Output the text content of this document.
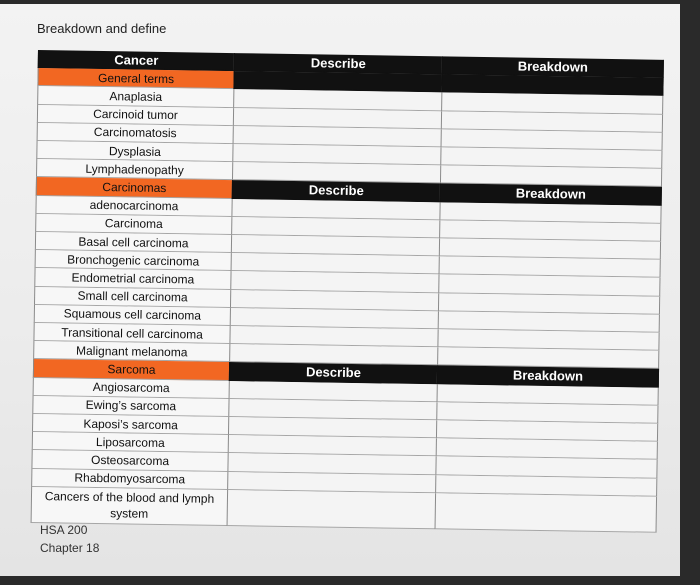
Breakdown and define
Cancer	Describe	Breakdown
General terms
Anaplasia
Carcinoid tumor
Carcinomatosis
Dysplasia
Lymphadenopathy
Carcinomas	Describe	Breakdown
adenocarcinoma
Carcinoma
Basal cell carcinoma
Bronchogenic carcinoma
Endometrial carcinoma
Small cell carcinoma
Squamous cell carcinoma
Transitional cell carcinoma
Malignant melanoma
Sarcoma	Describe	Breakdown
Angiosarcoma
Ewing’s sarcoma
Kaposi’s sarcoma
Liposarcoma
Osteosarcoma
Rhabdomyosarcoma
Cancers of the blood and lymph system
HSA 200
Chapter 18
